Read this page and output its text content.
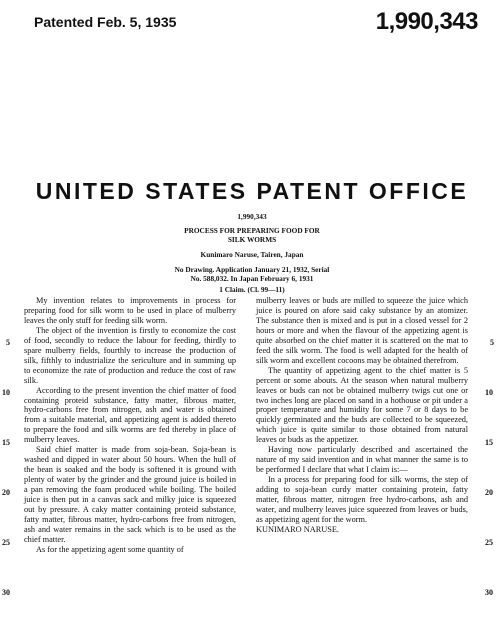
Patented Feb. 5, 1935	1,990,343
UNITED STATES PATENT OFFICE
1,990,343
PROCESS FOR PREPARING FOOD FOR
SILK WORMS
Kunimaro Naruse, Tairen, Japan
No Drawing. Application January 21, 1932, Serial
No. 588,032. In Japan February 6, 1931
1 Claim. (Cl. 99—11)
5
10
15
20
25
30
5
10
15
20
25
30

My invention relates to improvements in process for preparing food for silk worm to be used in place of mulberry leaves the only stuff for feeding silk worm.

The object of the invention is firstly to economize the cost of food, secondly to reduce the labour for feeding, thirdly to spare mulberry fields, fourthly to increase the production of silk, fifthly to industrialize the sericulture and in summing up to economize the rate of production and reduce the cost of raw silk.

According to the present invention the chief matter of food containing proteid substance, fatty matter, fibrous matter, hydro-carbons free from nitrogen, ash and water is obtained from a suitable material, and appetizing agent is added thereto to prepare the food and silk worms are fed thereby in place of mulberry leaves.

Said chief matter is made from soja-bean. Soja-bean is washed and dipped in water about 50 hours. When the hull of the bean is soaked and the body is softened it is ground with plenty of water by the grinder and the ground juice is boiled in a pan removing the foam produced while boiling. The boiled juice is then put in a canvas sack and milky juice is squeezed out by pressure. A caky matter containing proteid substance, fatty matter, fibrous matter, hydro-carbons free from nitrogen, ash and water remains in the sack which is to be used as the chief matter.

As for the appetizing agent some quantity of

mulberry leaves or buds are milled to squeeze the juice which juice is poured on afore said caky substance by an atomizer. The substance then is mixed and is put in a closed vessel for 2 hours or more and when the flavour of the appetizing agent is quite absorbed on the chief matter it is scattered on the mat to feed the silk worm. The food is well adapted for the health of silk worm and excellent cocoons may be obtained therefrom.

The quantity of appetizing agent to the chief matter is 5 percent or some abouts. At the season when natural mulberry leaves or buds can not be obtained mulberry twigs cut one or two inches long are placed on sand in a hothouse or pit under a proper temperature and humidity for some 7 or 8 days to be quickly germinated and the buds are collected to be squeezed, which juice is quite similar to those obtained from natural leaves or buds as the appetizer.

Having now particularly described and ascertained the nature of my said invention and in what manner the same is to be performed I declare that what I claim is:—

In a process for preparing food for silk worms, the step of adding to soja-bean curdy matter containing protein, fatty matter, fibrous matter, nitrogen free hydro-carbons, ash and water, and mulberry leaves juice squeezed from leaves or buds, as appetizing agent for the worm.

KUNIMARO NARUSE.
